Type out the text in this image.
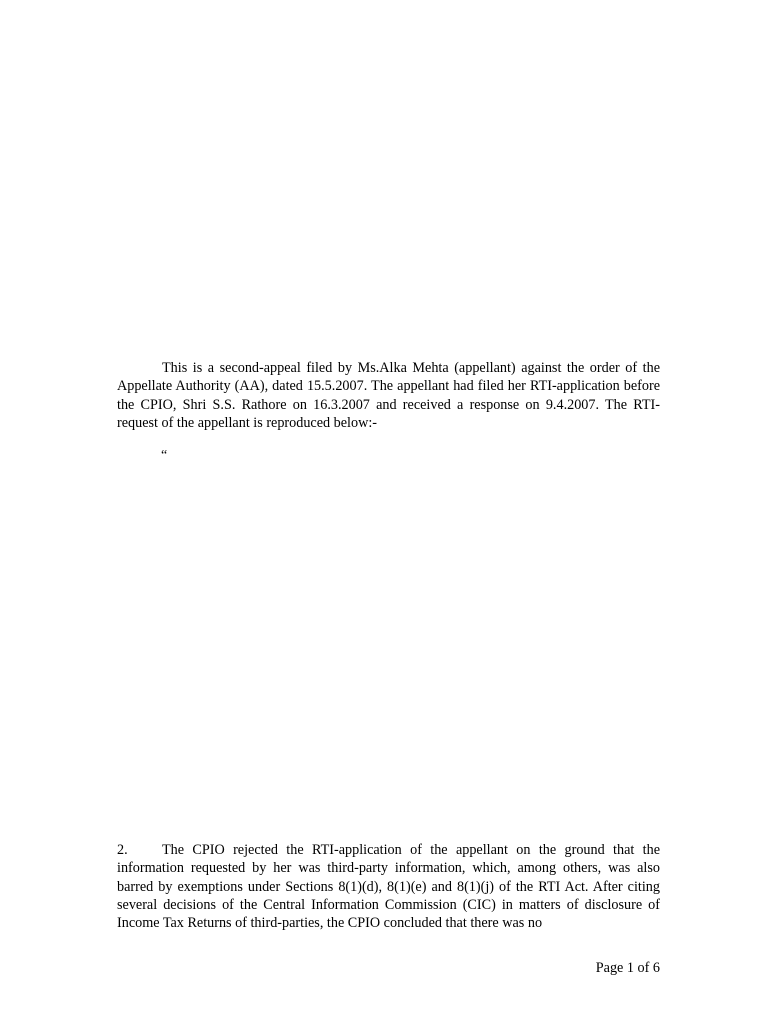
This is a second-appeal filed by Ms.Alka Mehta (appellant) against the order of the Appellate Authority (AA), dated 15.5.2007. The appellant had filed her RTI-application before the CPIO, Shri S.S. Rathore on 16.3.2007 and received a response on 9.4.2007. The RTI-request of the appellant is reproduced below:-

“

2. The CPIO rejected the RTI-application of the appellant on the ground that the information requested by her was third-party information, which, among others, was also barred by exemptions under Sections 8(1)(d), 8(1)(e) and 8(1)(j) of the RTI Act. After citing several decisions of the Central Information Commission (CIC) in matters of disclosure of Income Tax Returns of third-parties, the CPIO concluded that there was no

Page 1 of 6
